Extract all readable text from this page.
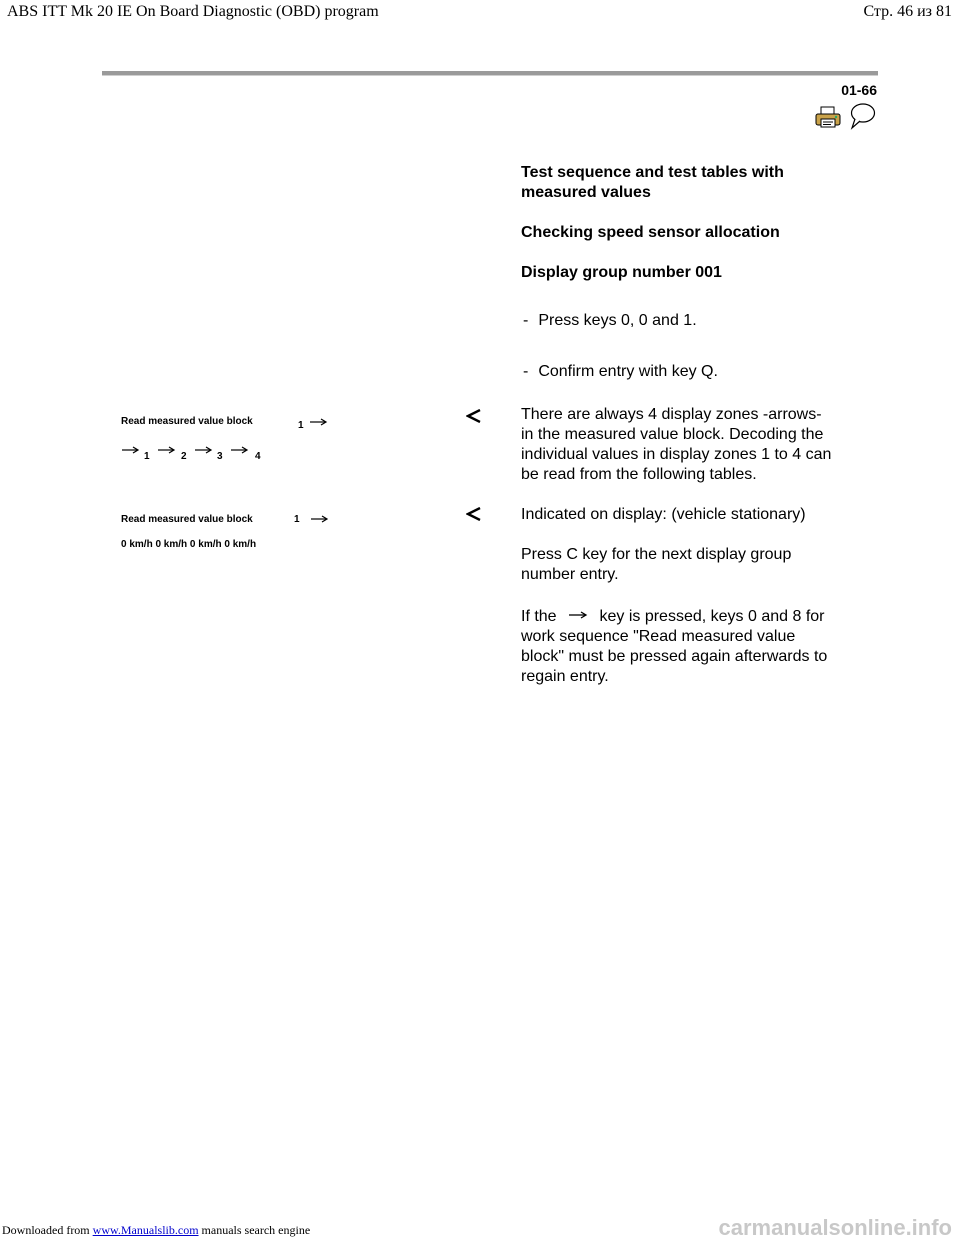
ABS ITT Mk 20 IE On Board Diagnostic (OBD) program	Стр. 46 из 81
01-66
Test sequence and test tables with
measured values
Checking speed sensor allocation
Display group number 001
- Press keys 0, 0 and 1.
- Confirm entry with key Q.
Read measured value block	1
1	2	3	4
There are always 4 display zones -arrows-
in the measured value block. Decoding the
individual values in display zones 1 to 4 can
be read from the following tables.
Read measured value block	1
0 km/h 0 km/h 0 km/h 0 km/h
Indicated on display: (vehicle stationary)
Press C key for the next display group
number entry.
If the	key is pressed, keys 0 and 8 for
work sequence "Read measured value
block" must be pressed again afterwards to
regain entry.
Downloaded from www.Manualslib.com manuals search engine	carmanualsonline.info
